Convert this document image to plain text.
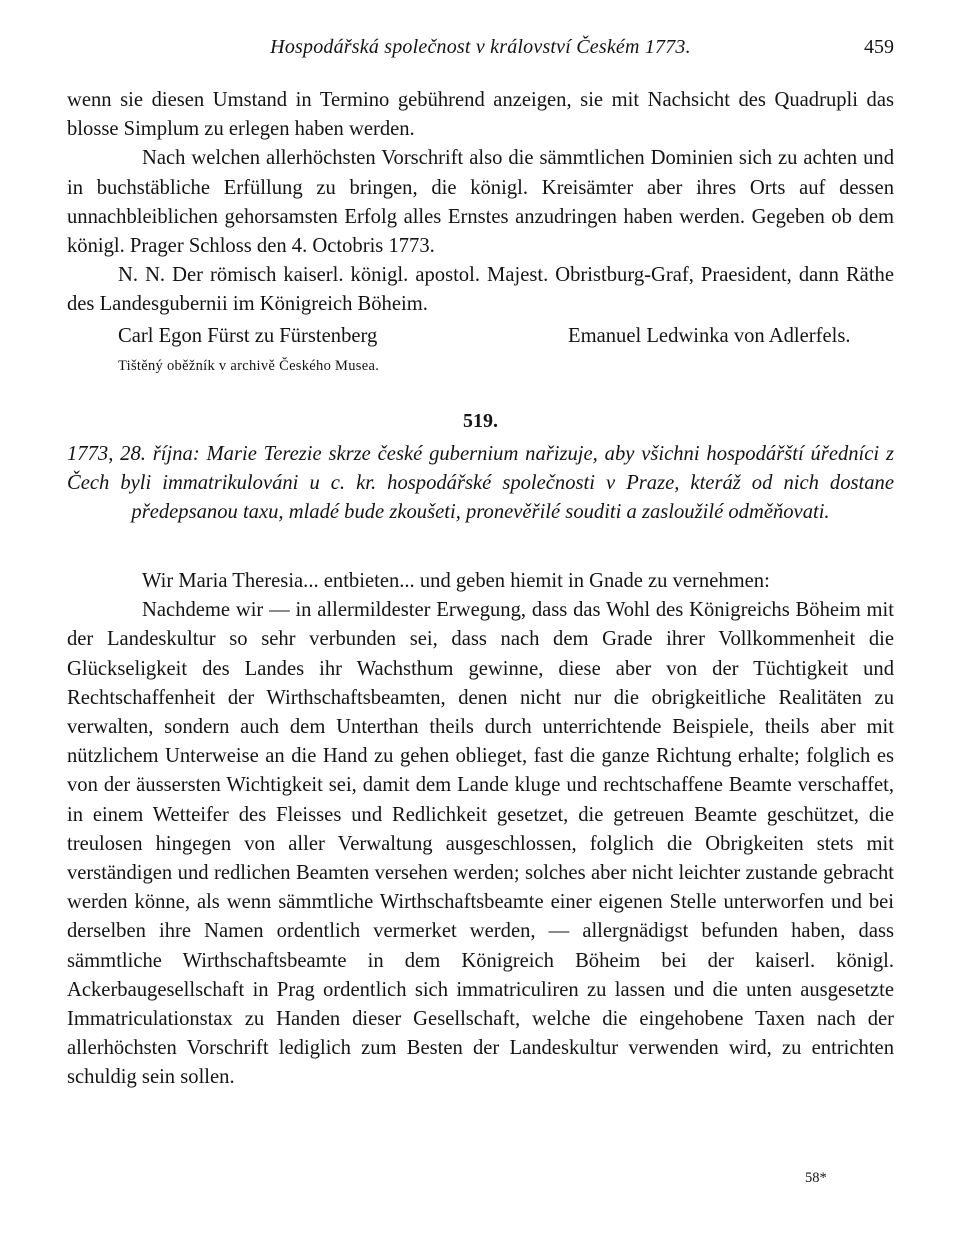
Hospodářská společnost v království Českém 1773.	459

wenn sie diesen Umstand in Termino gebührend anzeigen, sie mit Nachsicht des Quadrupli das blosse Simplum zu erlegen haben werden.

Nach welchen allerhöchsten Vorschrift also die sämmtlichen Dominien sich zu achten und in buchstäbliche Erfüllung zu bringen, die königl. Kreisämter aber ihres Orts auf dessen unnachbleiblichen gehorsamsten Erfolg alles Ernstes anzudringen haben werden. Gegeben ob dem königl. Prager Schloss den 4. Octobris 1773.

N. N. Der römisch kaiserl. königl. apostol. Majest. Obristburg-Graf, Praesident, dann Räthe des Landesgubernii im Königreich Böheim.

Carl Egon Fürst zu Fürstenberg	Emanuel Ledwinka von Adlerfels.
Tištěný oběžník v archivě Českého Musea.
519.
1773, 28. října: Marie Terezie skrze české gubernium nařizuje, aby všichni hospodářští úředníci z Čech byli immatrikulováni u c. kr. hospodářské společnosti v Praze, kteráž od nich dostane předepsanou taxu, mladé bude zkoušeti, pronevěřilé souditi a zasloužilé odměňovati.

Wir Maria Theresia... entbieten... und geben hiemit in Gnade zu vernehmen:

Nachdeme wir — in allermildester Erwegung, dass das Wohl des Königreichs Böheim mit der Landeskultur so sehr verbunden sei, dass nach dem Grade ihrer Vollkommenheit die Glückseligkeit des Landes ihr Wachsthum gewinne, diese aber von der Tüchtigkeit und Rechtschaffenheit der Wirthschaftsbeamten, denen nicht nur die obrigkeitliche Realitäten zu verwalten, sondern auch dem Unterthan theils durch unterrichtende Beispiele, theils aber mit nützlichem Unterweise an die Hand zu gehen oblieget, fast die ganze Richtung erhalte; folglich es von der äussersten Wichtigkeit sei, damit dem Lande kluge und rechtschaffene Beamte verschaffet, in einem Wetteifer des Fleisses und Redlichkeit gesetzet, die getreuen Beamte geschützet, die treulosen hingegen von aller Verwaltung ausgeschlossen, folglich die Obrigkeiten stets mit verständigen und redlichen Beamten versehen werden; solches aber nicht leichter zustande gebracht werden könne, als wenn sämmtliche Wirthschaftsbeamte einer eigenen Stelle unterworfen und bei derselben ihre Namen ordentlich vermerket werden, — allergnädigst befunden haben, dass sämmtliche Wirthschaftsbeamte in dem Königreich Böheim bei der kaiserl. königl. Ackerbaugesellschaft in Prag ordentlich sich immatriculiren zu lassen und die unten ausgesetzte Immatriculationstax zu Handen dieser Gesellschaft, welche die eingehobene Taxen nach der allerhöchsten Vorschrift lediglich zum Besten der Landeskultur verwenden wird, zu entrichten schuldig sein sollen.

58*
